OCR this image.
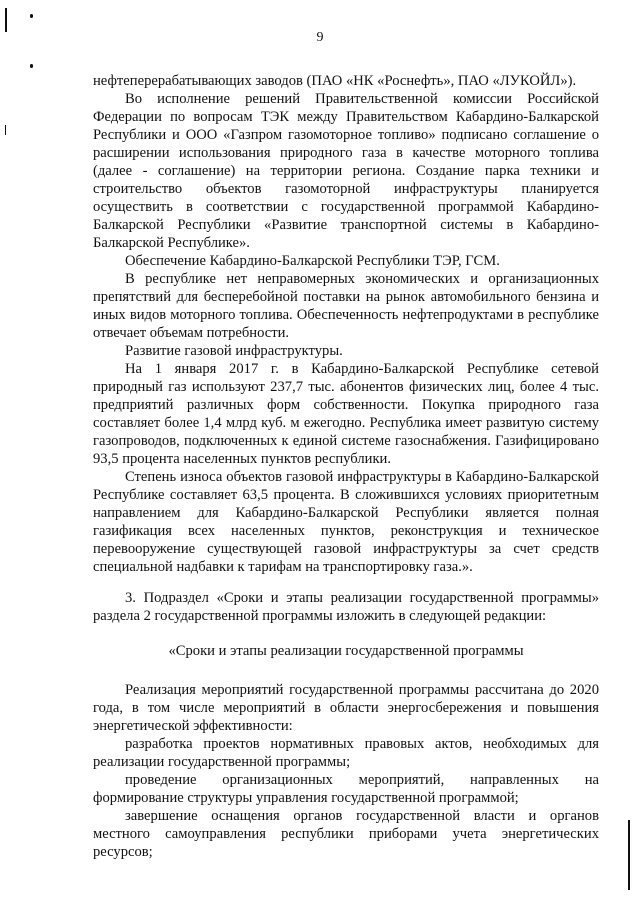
9

нефтеперерабатывающих заводов (ПАО «НК «Роснефть», ПАО «ЛУКОЙЛ»).

Во исполнение решений Правительственной комиссии Российской Федерации по вопросам ТЭК между Правительством Кабардино-Балкарской Республики и ООО «Газпром газомоторное топливо» подписано соглашение о расширении использования природного газа в качестве моторного топлива (далее - соглашение) на территории региона. Создание парка техники и строительство объектов газомоторной инфраструктуры планируется осуществить в соответствии с государственной программой Кабардино-Балкарской Республики «Развитие транспортной системы в Кабардино-Балкарской Республике».

Обеспечение Кабардино-Балкарской Республики ТЭР, ГСМ.

В республике нет неправомерных экономических и организационных препятствий для бесперебойной поставки на рынок автомобильного бензина и иных видов моторного топлива. Обеспеченность нефтепродуктами в республике отвечает объемам потребности.

Развитие газовой инфраструктуры.

На 1 января 2017 г. в Кабардино-Балкарской Республике сетевой природный газ используют 237,7 тыс. абонентов физических лиц, более 4 тыс. предприятий различных форм собственности. Покупка природного газа составляет более 1,4 млрд куб. м ежегодно. Республика имеет развитую систему газопроводов, подключенных к единой системе газоснабжения. Газифицировано 93,5 процента населенных пунктов республики.

Степень износа объектов газовой инфраструктуры в Кабардино-Балкарской Республике составляет 63,5 процента. В сложившихся условиях приоритетным направлением для Кабардино-Балкарской Республики является полная газификация всех населенных пунктов, реконструкция и техническое перевооружение существующей газовой инфраструктуры за счет средств специальной надбавки к тарифам на транспортировку газа.».

3. Подраздел «Сроки и этапы реализации государственной программы» раздела 2 государственной программы изложить в следующей редакции:

«Сроки и этапы реализации государственной программы

Реализация мероприятий государственной программы рассчитана до 2020 года, в том числе мероприятий в области энергосбережения и повышения энергетической эффективности:

разработка проектов нормативных правовых актов, необходимых для реализации государственной программы;

проведение организационных мероприятий, направленных на формирование структуры управления государственной программой;

завершение оснащения органов государственной власти и органов местного самоуправления республики приборами учета энергетических ресурсов;
